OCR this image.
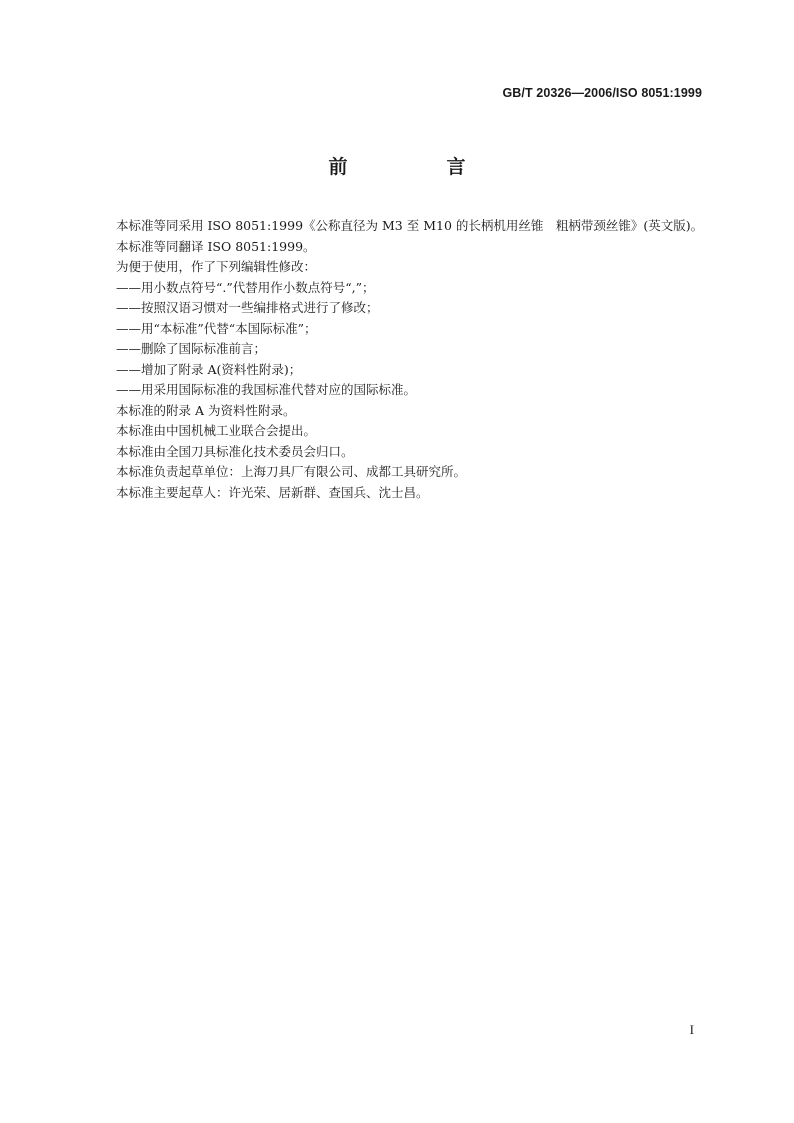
GB/T 20326—2006/ISO 8051:1999
前　言

本标准等同采用 ISO 8051:1999《公称直径为 M3 至 M10 的长柄机用丝锥　粗柄带颈丝锥》(英文版)。

本标准等同翻译 ISO 8051:1999。

为便于使用，作了下列编辑性修改：

——用小数点符号“.”代替用作小数点符号“,”；

——按照汉语习惯对一些编排格式进行了修改；

——用“本标准”代替“本国际标准”；

——删除了国际标准前言；

——增加了附录 A(资料性附录)；

——用采用国际标准的我国标准代替对应的国际标准。

本标准的附录 A 为资料性附录。

本标准由中国机械工业联合会提出。

本标准由全国刀具标准化技术委员会归口。

本标准负责起草单位：上海刀具厂有限公司、成都工具研究所。

本标准主要起草人：许光荣、居新群、查国兵、沈士昌。

I
